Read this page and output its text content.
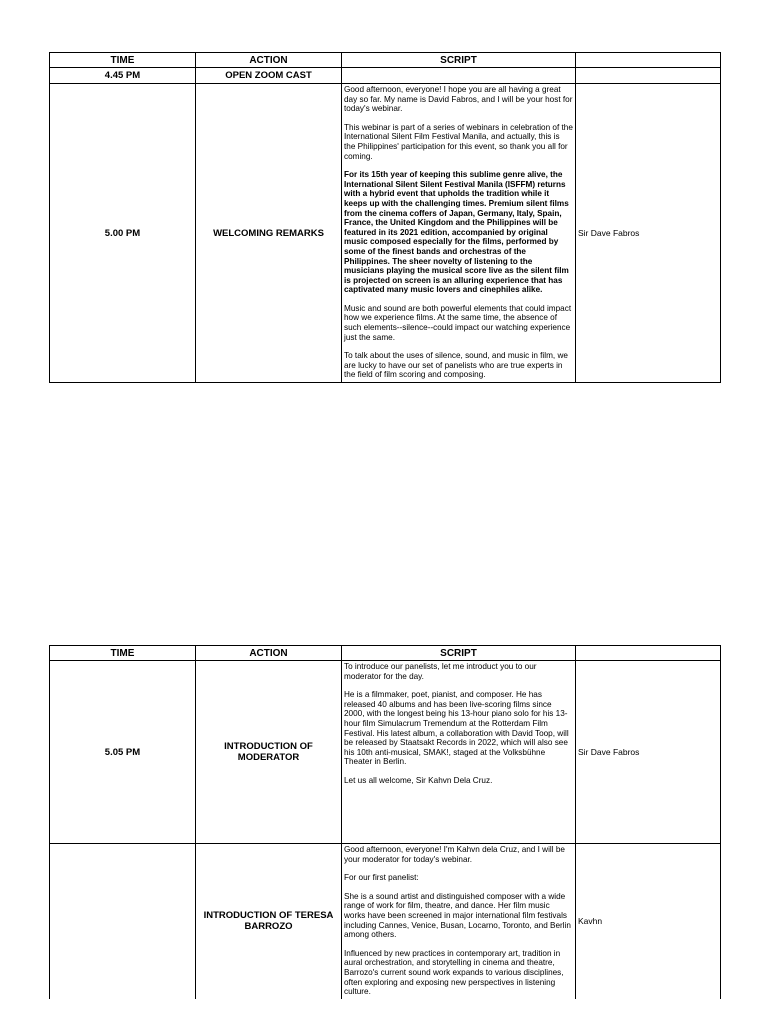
TIME	ACTION	SCRIPT	
4.45 PM	OPEN ZOOM CAST		
5.00 PM	WELCOMING REMARKS	Good afternoon, everyone! I hope you are all having a great day so far. My name is David Fabros, and I will be your host for today's webinar.

This webinar is part of a series of webinars in celebration of the International Silent Film Festival Manila, and actually, this is the Philippines' participation for this event, so thank you all for coming.

For its 15th year of keeping this sublime genre alive, the International Silent Silent Festival Manila (ISFFM) returns with a hybrid event that upholds the tradition while it keeps up with the challenging times. Premium silent films from the cinema coffers of Japan, Germany, Italy, Spain, France, the United Kingdom and the Philippines will be featured in its 2021 edition, accompanied by original music composed especially for the films, performed by some of the finest bands and orchestras of the Philippines. The sheer novelty of listening to the musicians playing the musical score live as the silent film is projected on screen is an alluring experience that has captivated many music lovers and cinephiles alike.

Music and sound are both powerful elements that could impact how we experience films. At the same time, the absence of such elements--silence--could impact our watching experience just the same.

To talk about the uses of silence, sound, and music in film, we are lucky to have our set of panelists who are true experts in the field of film scoring and composing.	Sir Dave Fabros
TIME	ACTION	SCRIPT	
5.05 PM	INTRODUCTION OF MODERATOR	To introduce our panelists, let me introduct you to our moderator for the day.

He is a filmmaker, poet, pianist, and composer. He has released 40 albums and has been live-scoring films since 2000, with the longest being his 13-hour piano solo for his 13-hour film Simulacrum Tremendum at the Rotterdam Film Festival. His latest album, a collaboration with David Toop, will be released by Staatsakt Records in 2022, which will also see his 10th anti-musical, SMAK!, staged at the Volksbühne Theater in Berlin.

Let us all welcome, Sir Kahvn Dela Cruz.	Sir Dave Fabros
	INTRODUCTION OF TERESA BARROZO	Good afternoon, everyone! I'm Kahvn dela Cruz, and I will be your moderator for today's webinar.

For our first panelist:

She is a sound artist and distinguished composer with a wide range of work for film, theatre, and dance. Her film music works have been screened in major international film festivals including Cannes, Venice, Busan, Locarno, Toronto, and Berlin among others.

Influenced by new practices in contemporary art, tradition in aural orchestration, and storytelling in cinema and theatre, Barrozo's current sound work expands to various disciplines, often exploring and exposing new perspectives in listening culture.	Kavhn
